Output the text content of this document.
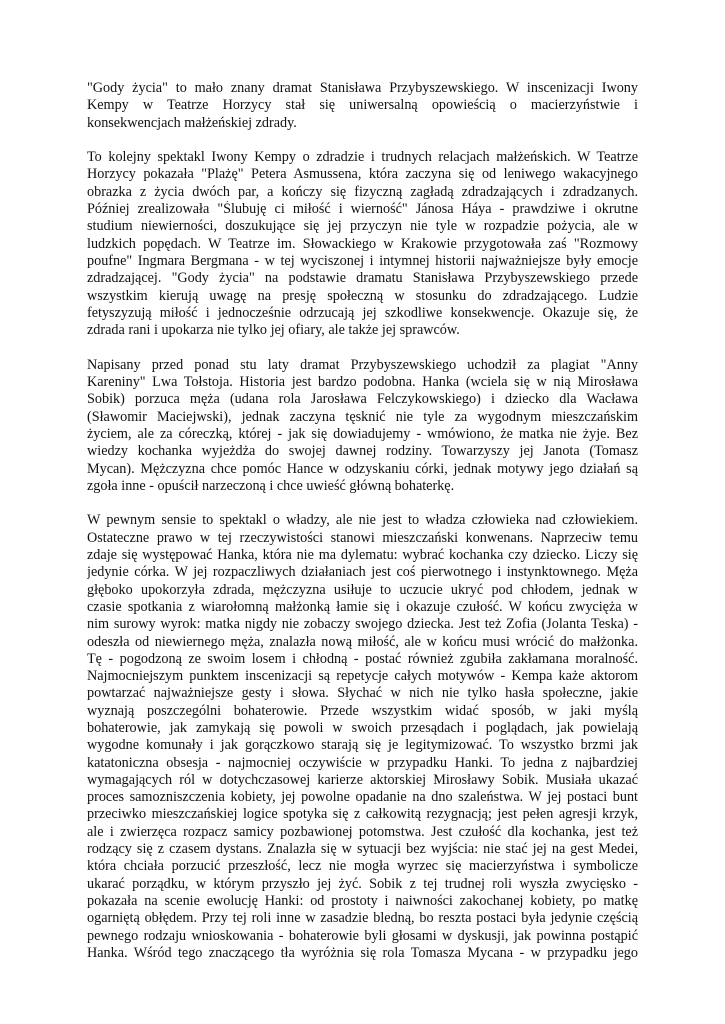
"Gody życia" to mało znany dramat Stanisława Przybyszewskiego. W inscenizacji Iwony
Kempy w Teatrze Horzycy stał się uniwersalną opowieścią o macierzyństwie i
konsekwencjach małżeńskiej zdrady.
To kolejny spektakl Iwony Kempy o zdradzie i trudnych relacjach małżeńskich. W Teatrze
Horzycy pokazała "Plażę" Petera Asmussena, która zaczyna się od leniwego wakacyjnego
obrazka z życia dwóch par, a kończy się fizyczną zagładą zdradzających i zdradzanych.
Później zrealizowała "Ślubuję ci miłość i wierność" Jánosa Háya - prawdziwe i okrutne
studium niewierności, doszukujące się jej przyczyn nie tyle w rozpadzie pożycia, ale w
ludzkich popędach. W Teatrze im. Słowackiego w Krakowie przygotowała zaś "Rozmowy
poufne" Ingmara Bergmana - w tej wyciszonej i intymnej historii najważniejsze były emocje
zdradzającej. "Gody życia" na podstawie dramatu Stanisława Przybyszewskiego przede
wszystkim kierują uwagę na presję społeczną w stosunku do zdradzającego. Ludzie
fetyszyzują miłość i jednocześnie odrzucają jej szkodliwe konsekwencje. Okazuje się, że
zdrada rani i upokarza nie tylko jej ofiary, ale także jej sprawców.
Napisany przed ponad stu laty dramat Przybyszewskiego uchodził za plagiat "Anny
Kareniny" Lwa Tołstoja. Historia jest bardzo podobna. Hanka (wciela się w nią Mirosława
Sobik) porzuca męża (udana rola Jarosława Felczykowskiego) i dziecko dla Wacława
(Sławomir Maciejwski), jednak zaczyna tęsknić nie tyle za wygodnym mieszczańskim
życiem, ale za córeczką, której - jak się dowiadujemy - wmówiono, że matka nie żyje. Bez
wiedzy kochanka wyjeżdża do swojej dawnej rodziny. Towarzyszy jej Janota (Tomasz
Mycan). Mężczyzna chce pomóc Hance w odzyskaniu córki, jednak motywy jego działań są
zgoła inne - opuścił narzeczoną i chce uwieść główną bohaterkę.
W pewnym sensie to spektakl o władzy, ale nie jest to władza człowieka nad człowiekiem.
Ostateczne prawo w tej rzeczywistości stanowi mieszczański konwenans. Naprzeciw temu
zdaje się występować Hanka, która nie ma dylematu: wybrać kochanka czy dziecko. Liczy się
jedynie córka. W jej rozpaczliwych działaniach jest coś pierwotnego i instynktownego. Męża
głęboko upokorzyła zdrada, mężczyzna usiłuje to uczucie ukryć pod chłodem, jednak w
czasie spotkania z wiarołomną małżonką łamie się i okazuje czułość. W końcu zwycięża w
nim surowy wyrok: matka nigdy nie zobaczy swojego dziecka. Jest też Zofia (Jolanta Teska) -
odeszła od niewiernego męża, znalazła nową miłość, ale w końcu musi wrócić do małżonka.
Tę - pogodzoną ze swoim losem i chłodną - postać również zgubiła zakłamana moralność.
Najmocniejszym punktem inscenizacji są repetycje całych motywów - Kempa każe aktorom
powtarzać najważniejsze gesty i słowa. Słychać w nich nie tylko hasła społeczne, jakie
wyznają poszczególni bohaterowie. Przede wszystkim widać sposób, w jaki myślą
bohaterowie, jak zamykają się powoli w swoich przesądach i poglądach, jak powielają
wygodne komunały i jak gorączkowo starają się je legitymizować. To wszystko brzmi jak
katatoniczna obsesja - najmocniej oczywiście w przypadku Hanki. To jedna z najbardziej
wymagających ról w dotychczasowej karierze aktorskiej Mirosławy Sobik. Musiała ukazać
proces samozniszczenia kobiety, jej powolne opadanie na dno szaleństwa. W jej postaci bunt
przeciwko mieszczańskiej logice spotyka się z całkowitą rezygnacją; jest pełen agresji krzyk,
ale i zwierzęca rozpacz samicy pozbawionej potomstwa. Jest czułość dla kochanka, jest też
rodzący się z czasem dystans. Znalazła się w sytuacji bez wyjścia: nie stać jej na gest Medei,
która chciała porzucić przeszłość, lecz nie mogła wyrzec się macierzyństwa i symbolicze
ukarać porządku, w którym przyszło jej żyć. Sobik z tej trudnej roli wyszła zwycięsko -
pokazała na scenie ewolucję Hanki: od prostoty i naiwności zakochanej kobiety, po matkę
ogarniętą obłędem. Przy tej roli inne w zasadzie bledną, bo reszta postaci była jedynie częścią
pewnego rodzaju wnioskowania - bohaterowie byli głosami w dyskusji, jak powinna postąpić
Hanka. Wśród tego znaczącego tła wyróżnia się rola Tomasza Mycana - w przypadku jego
